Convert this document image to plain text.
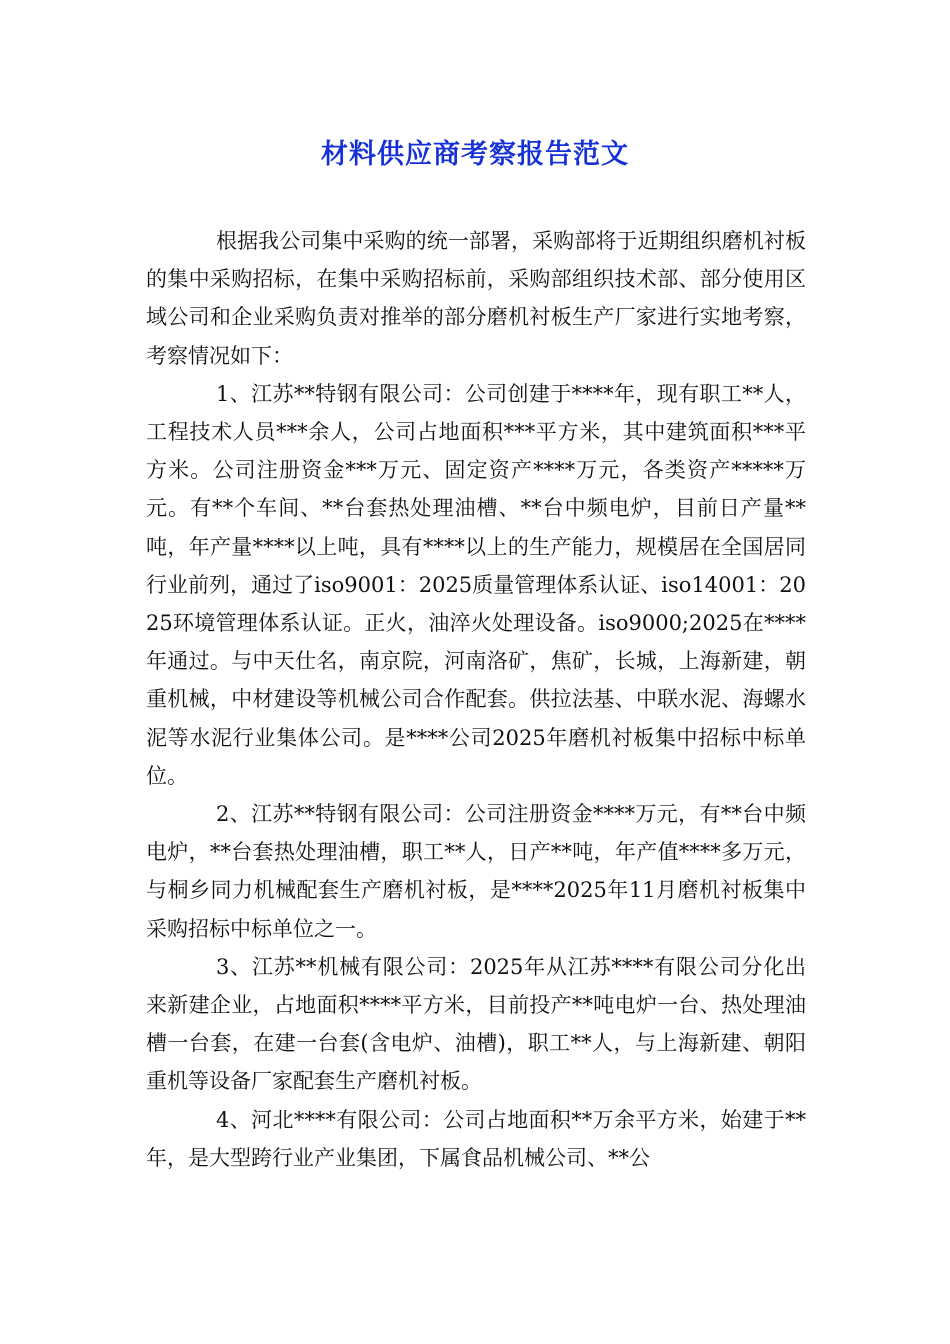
材料供应商考察报告范文

根据我公司集中采购的统一部署，采购部将于近期组织磨机衬板的集中采购招标，在集中采购招标前，采购部组织技术部、部分使用区域公司和企业采购负责对推举的部分磨机衬板生产厂家进行实地考察，考察情况如下：

1、江苏**特钢有限公司：公司创建于****年，现有职工**人，工程技术人员***余人，公司占地面积***平方米，其中建筑面积***平方米。公司注册资金***万元、固定资产****万元，各类资产*****万元。有**个车间、**台套热处理油槽、**台中频电炉，目前日产量**吨，年产量****以上吨，具有****以上的生产能力，规模居在全国居同行业前列，通过了iso9001：2025质量管理体系认证、iso14001：2025环境管理体系认证。正火，油淬火处理设备。iso9000;2025在****年通过。与中天仕名，南京院，河南洛矿，焦矿，长城，上海新建，朝重机械，中材建设等机械公司合作配套。供拉法基、中联水泥、海螺水泥等水泥行业集体公司。是****公司2025年磨机衬板集中招标中标单位。

2、江苏**特钢有限公司：公司注册资金****万元，有**台中频电炉，**台套热处理油槽，职工**人，日产**吨，年产值****多万元，与桐乡同力机械配套生产磨机衬板，是****2025年11月磨机衬板集中采购招标中标单位之一。

3、江苏**机械有限公司：2025年从江苏****有限公司分化出来新建企业，占地面积****平方米，目前投产**吨电炉一台、热处理油槽一台套，在建一台套(含电炉、油槽)，职工**人，与上海新建、朝阳重机等设备厂家配套生产磨机衬板。

4、河北****有限公司：公司占地面积**万余平方米，始建于**年，是大型跨行业产业集团，下属食品机械公司、**公
